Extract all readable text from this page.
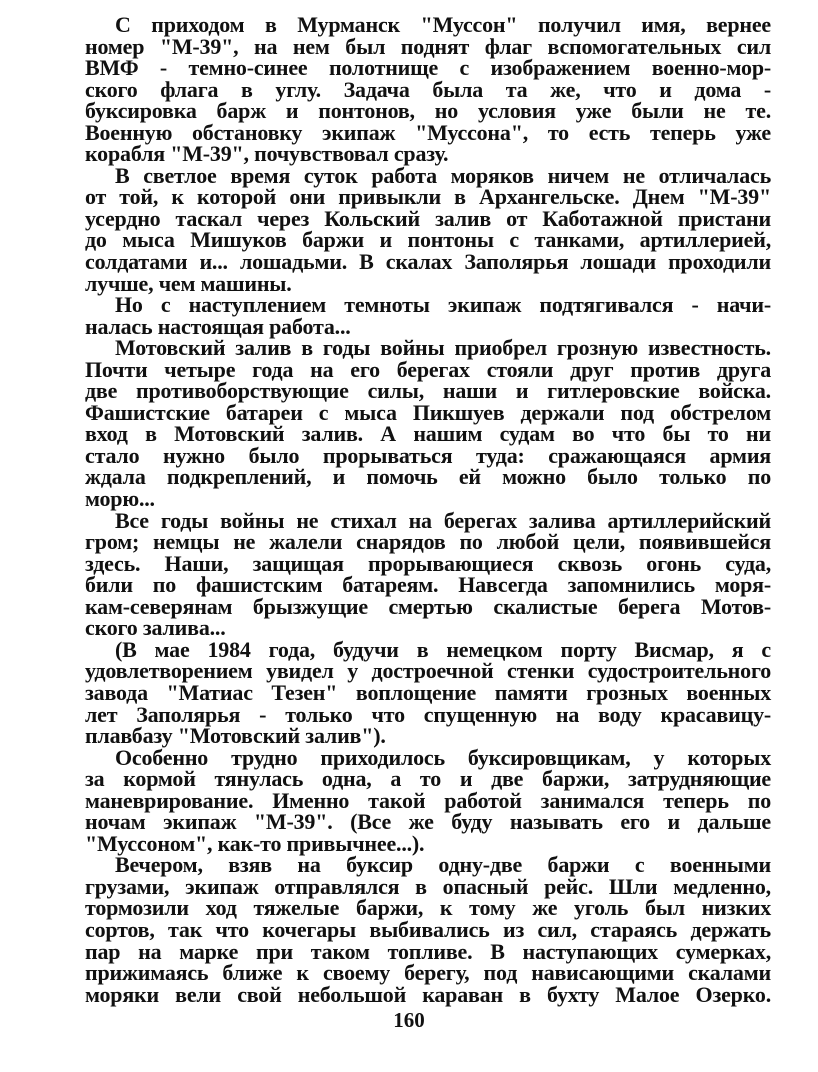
С приходом в Мурманск "Муссон" получил имя, вернее
номер "М-39", на нем был поднят флаг вспомогательных сил
ВМФ - темно-синее полотнище с изображением военно-мор-
ского флага в углу. Задача была та же, что и дома -
буксировка барж и понтонов, но условия уже были не те.
Военную обстановку экипаж "Муссона", то есть теперь уже
корабля "М-39", почувствовал сразу.
В светлое время суток работа моряков ничем не отличалась
от той, к которой они привыкли в Архангельске. Днем "М-39"
усердно таскал через Кольский залив от Каботажной пристани
до мыса Мишуков баржи и понтоны с танками, артиллерией,
солдатами и... лошадьми. В скалах Заполярья лошади проходили
лучше, чем машины.
Но с наступлением темноты экипаж подтягивался - начи-
налась настоящая работа...
Мотовский залив в годы войны приобрел грозную известность.
Почти четыре года на его берегах стояли друг против друга
две противоборствующие силы, наши и гитлеровские войска.
Фашистские батареи с мыса Пикшуев держали под обстрелом
вход в Мотовский залив. А нашим судам во что бы то ни
стало нужно было прорываться туда: сражающаяся армия
ждала подкреплений, и помочь ей можно было только по
морю...
Все годы войны не стихал на берегах залива артиллерийский
гром; немцы не жалели снарядов по любой цели, появившейся
здесь. Наши, защищая прорывающиеся сквозь огонь суда,
били по фашистским батареям. Навсегда запомнились моря-
кам-северянам брызжущие смертью скалистые берега Мотов-
ского залива...
(В мае 1984 года, будучи в немецком порту Висмар, я с
удовлетворением увидел у достроечной стенки судостроительного
завода "Матиас Тезен" воплощение памяти грозных военных
лет Заполярья - только что спущенную на воду красавицу-
плавбазу "Мотовский залив").
Особенно трудно приходилось буксировщикам, у которых
за кормой тянулась одна, а то и две баржи, затрудняющие
маневрирование. Именно такой работой занимался теперь по
ночам экипаж "М-39". (Все же буду называть его и дальше
"Муссоном", как-то привычнее...).
Вечером, взяв на буксир одну-две баржи с военными
грузами, экипаж отправлялся в опасный рейс. Шли медленно,
тормозили ход тяжелые баржи, к тому же уголь был низких
сортов, так что кочегары выбивались из сил, стараясь держать
пар на марке при таком топливе. В наступающих сумерках,
прижимаясь ближе к своему берегу, под нависающими скалами
моряки вели свой небольшой караван в бухту Малое Озерко.
160
